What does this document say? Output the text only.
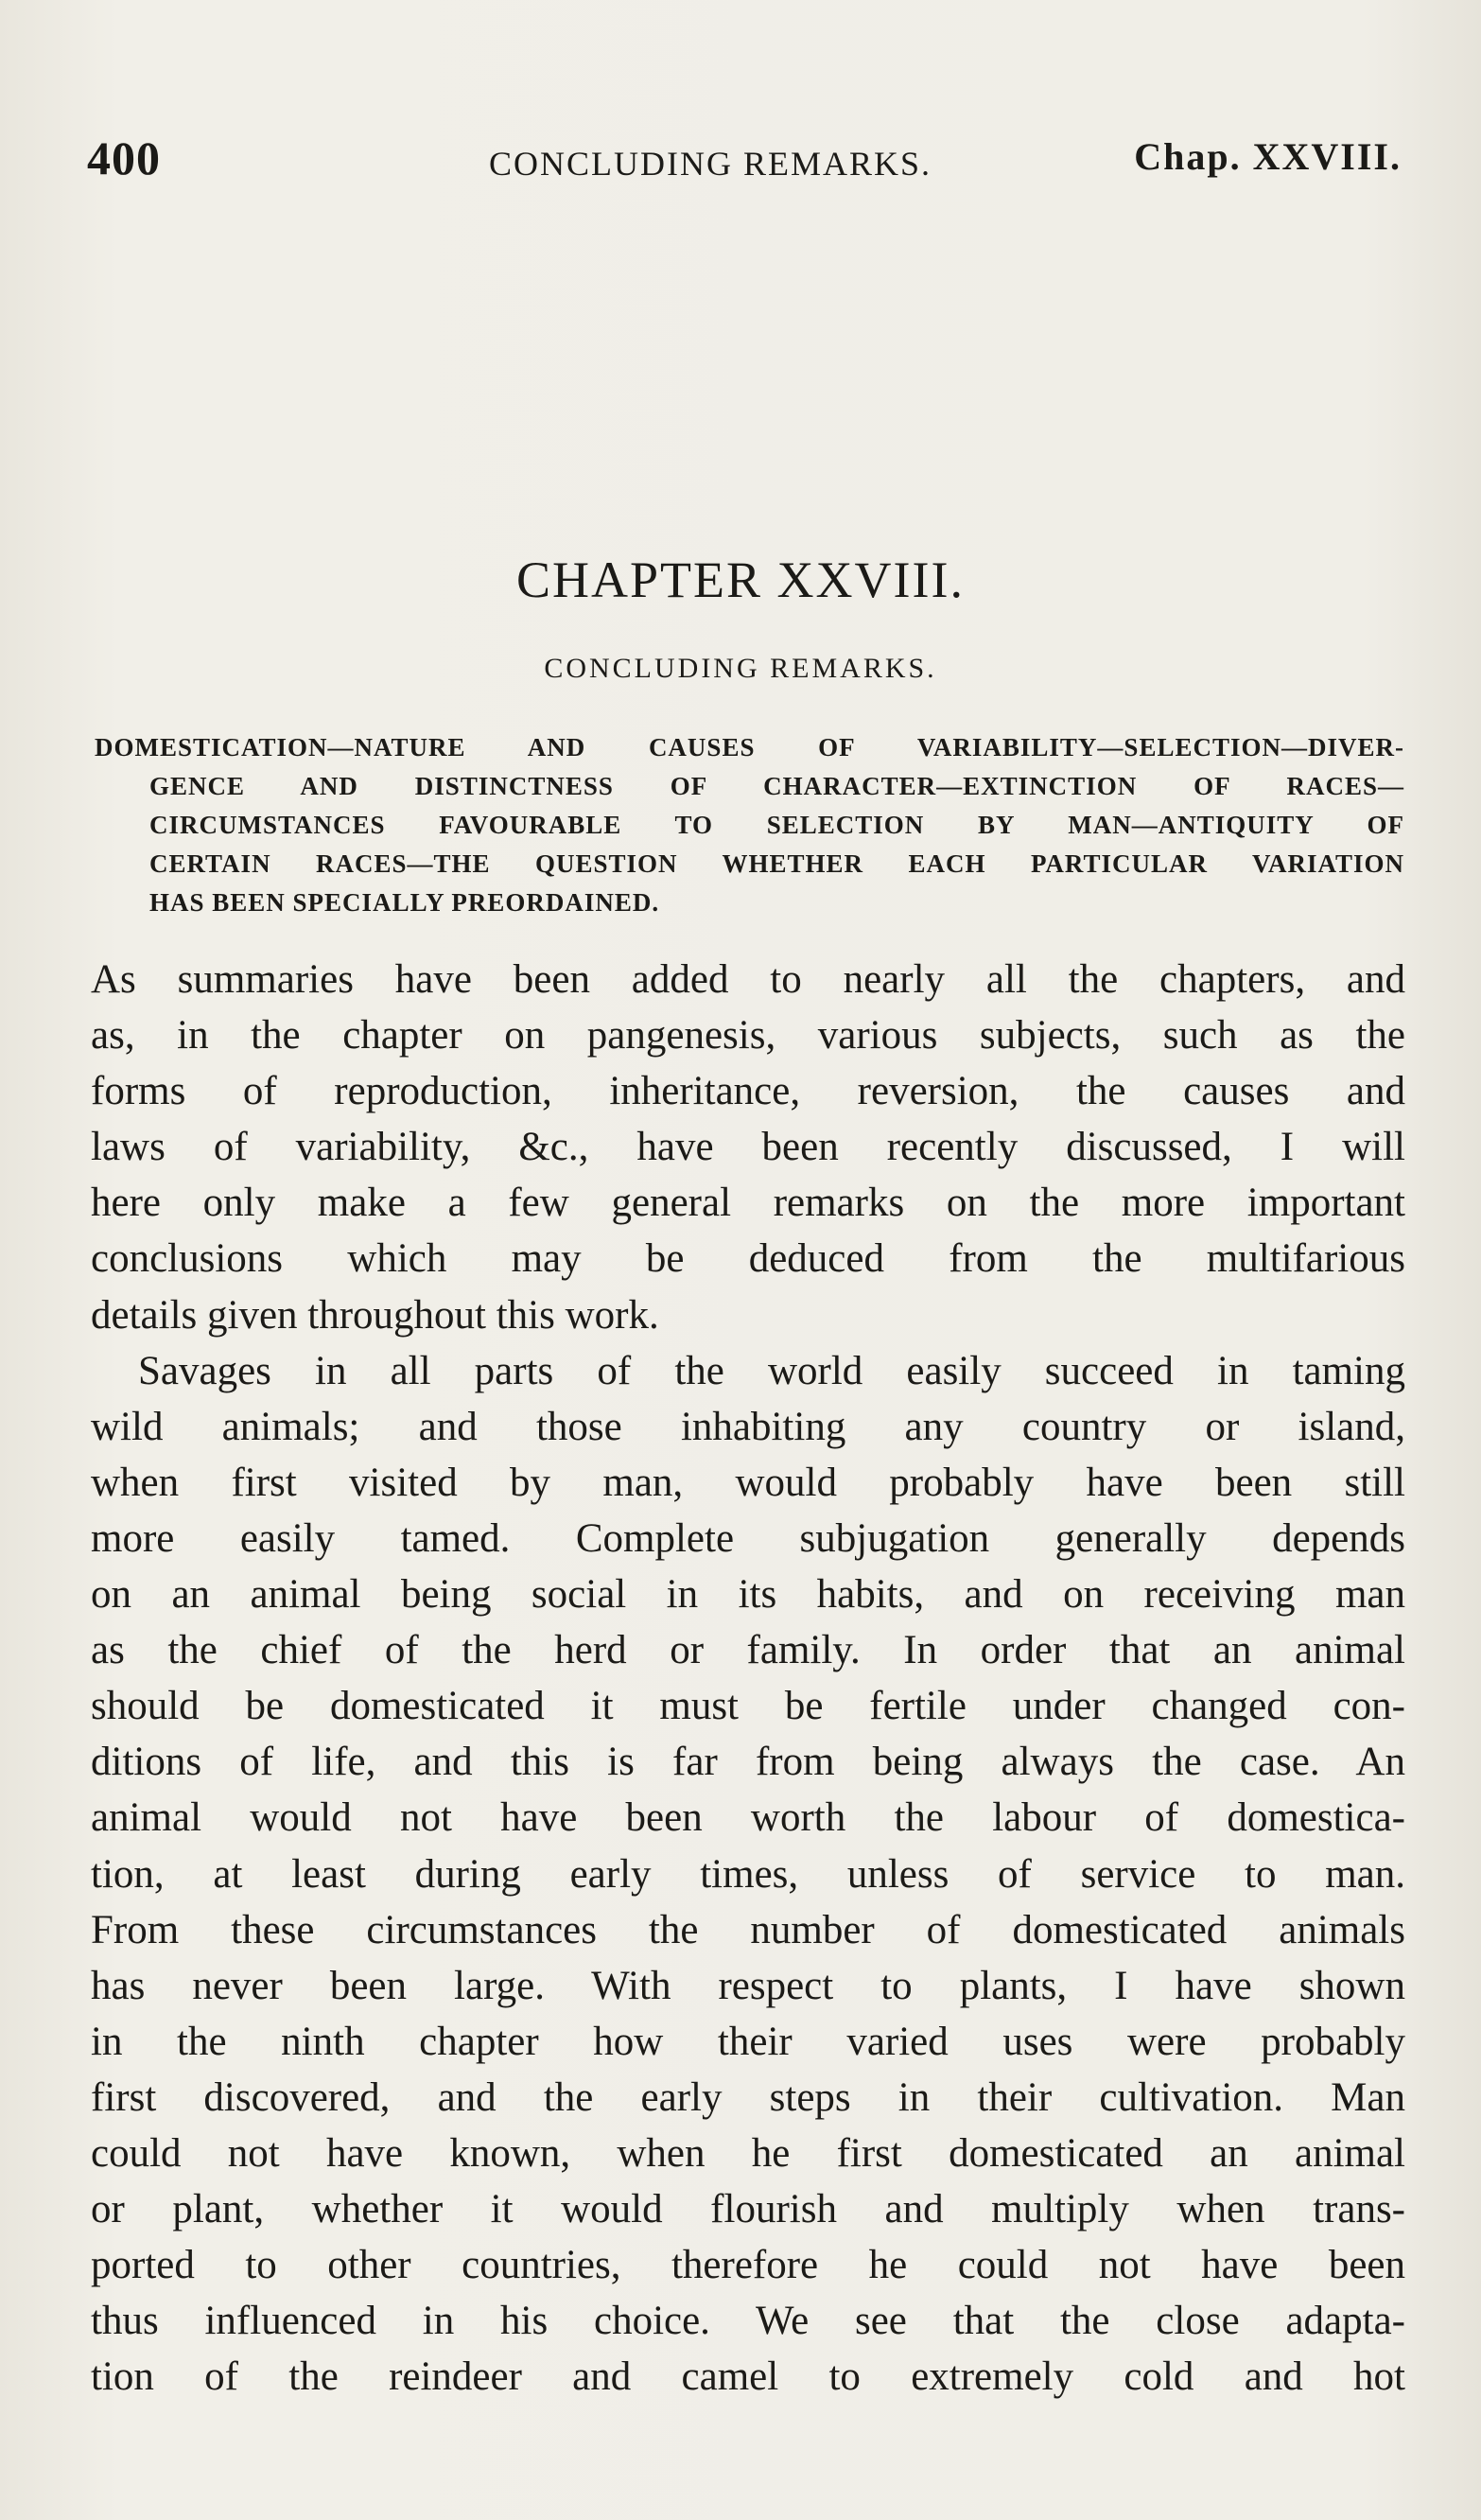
400	CONCLUDING REMARKS.	Chap. XXVIII.
CHAPTER XXVIII.
CONCLUDING REMARKS.
DOMESTICATION—NATURE AND CAUSES OF VARIABILITY—SELECTION—DIVER-
GENCE AND DISTINCTNESS OF CHARACTER—EXTINCTION OF RACES—
CIRCUMSTANCES FAVOURABLE TO SELECTION BY MAN—ANTIQUITY OF
CERTAIN RACES—THE QUESTION WHETHER EACH PARTICULAR VARIATION
HAS BEEN SPECIALLY PREORDAINED.
As summaries have been added to nearly all the chapters, and
as, in the chapter on pangenesis, various subjects, such as the
forms of reproduction, inheritance, reversion, the causes and
laws of variability, &c., have been recently discussed, I will
here only make a few general remarks on the more important
conclusions which may be deduced from the multifarious
details given throughout this work.
Savages in all parts of the world easily succeed in taming
wild animals; and those inhabiting any country or island,
when first visited by man, would probably have been still
more easily tamed. Complete subjugation generally depends
on an animal being social in its habits, and on receiving man
as the chief of the herd or family. In order that an animal
should be domesticated it must be fertile under changed con-
ditions of life, and this is far from being always the case. An
animal would not have been worth the labour of domestica-
tion, at least during early times, unless of service to man.
From these circumstances the number of domesticated animals
has never been large. With respect to plants, I have shown
in the ninth chapter how their varied uses were probably
first discovered, and the early steps in their cultivation. Man
could not have known, when he first domesticated an animal
or plant, whether it would flourish and multiply when trans-
ported to other countries, therefore he could not have been
thus influenced in his choice. We see that the close adapta-
tion of the reindeer and camel to extremely cold and hot
